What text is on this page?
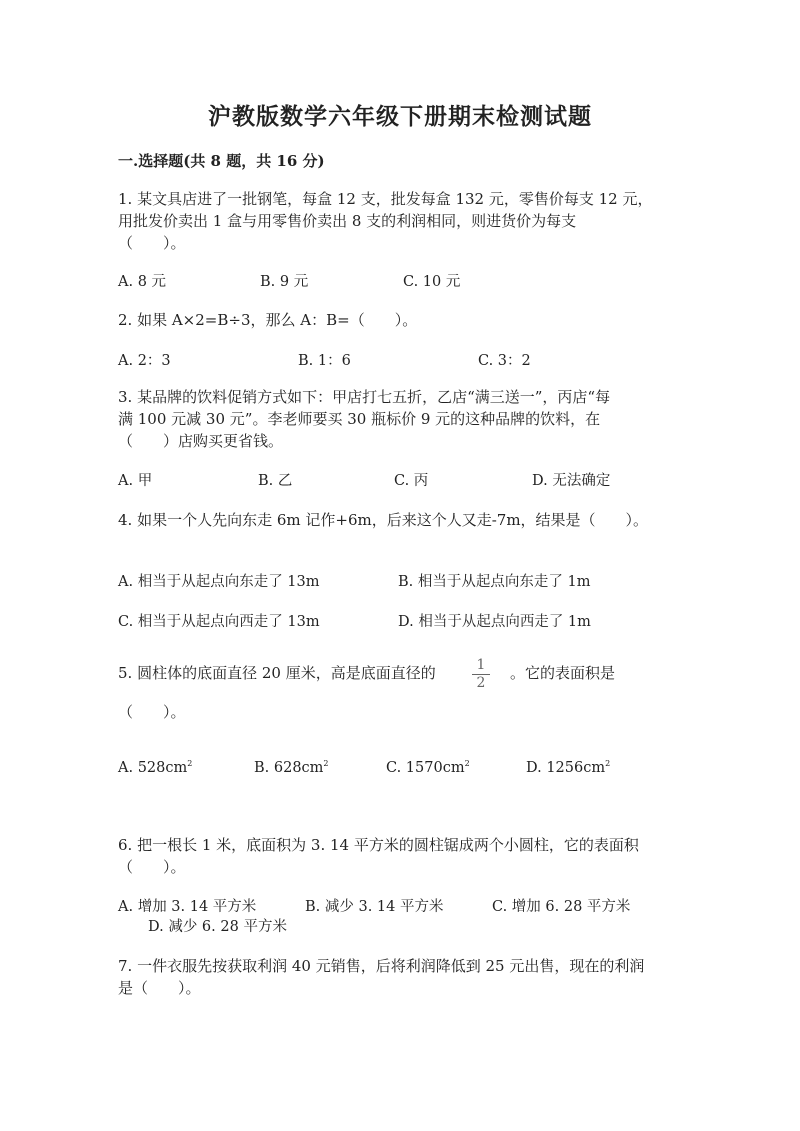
沪教版数学六年级下册期末检测试题
一.选择题(共 8 题，共 16 分)
1. 某文具店进了一批钢笔，每盒 12 支，批发每盒 132 元，零售价每支 12 元，
用批发价卖出 1 盒与用零售价卖出 8 支的利润相同，则进货价为每支
（　　）。
A. 8 元	B. 9 元	C. 10 元
2. 如果 A×2=B÷3，那么 A：B=（　　）。
A. 2：3	B. 1：6	C. 3：2
3. 某品牌的饮料促销方式如下：甲店打七五折，乙店“满三送一”，丙店“每
满 100 元减 30 元”。李老师要买 30 瓶标价 9 元的这种品牌的饮料，在
（　　）店购买更省钱。
A. 甲	B. 乙	C. 丙	D. 无法确定
4. 如果一个人先向东走 6m 记作+6m，后来这个人又走-7m，结果是（　　）。
A. 相当于从起点向东走了 13m	B. 相当于从起点向东走了 1m
C. 相当于从起点向西走了 13m	D. 相当于从起点向西走了 1m
5. 圆柱体的底面直径 20 厘米，高是底面直径的	1
2
。它的表面积是
（　　）。
A. $528cm^2$	B. $628cm^2$	C. $1570cm^2$	D. $1256cm^2$
6. 把一根长 1 米，底面积为 3. 14 平方米的圆柱锯成两个小圆柱，它的表面积
（　　）。
A. 增加 3. 14 平方米	B. 减少 3. 14 平方米	C. 增加 6. 28 平方米
D. 减少 6. 28 平方米
7. 一件衣服先按获取利润 40 元销售，后将利润降低到 25 元出售，现在的利润
是（　　）。
